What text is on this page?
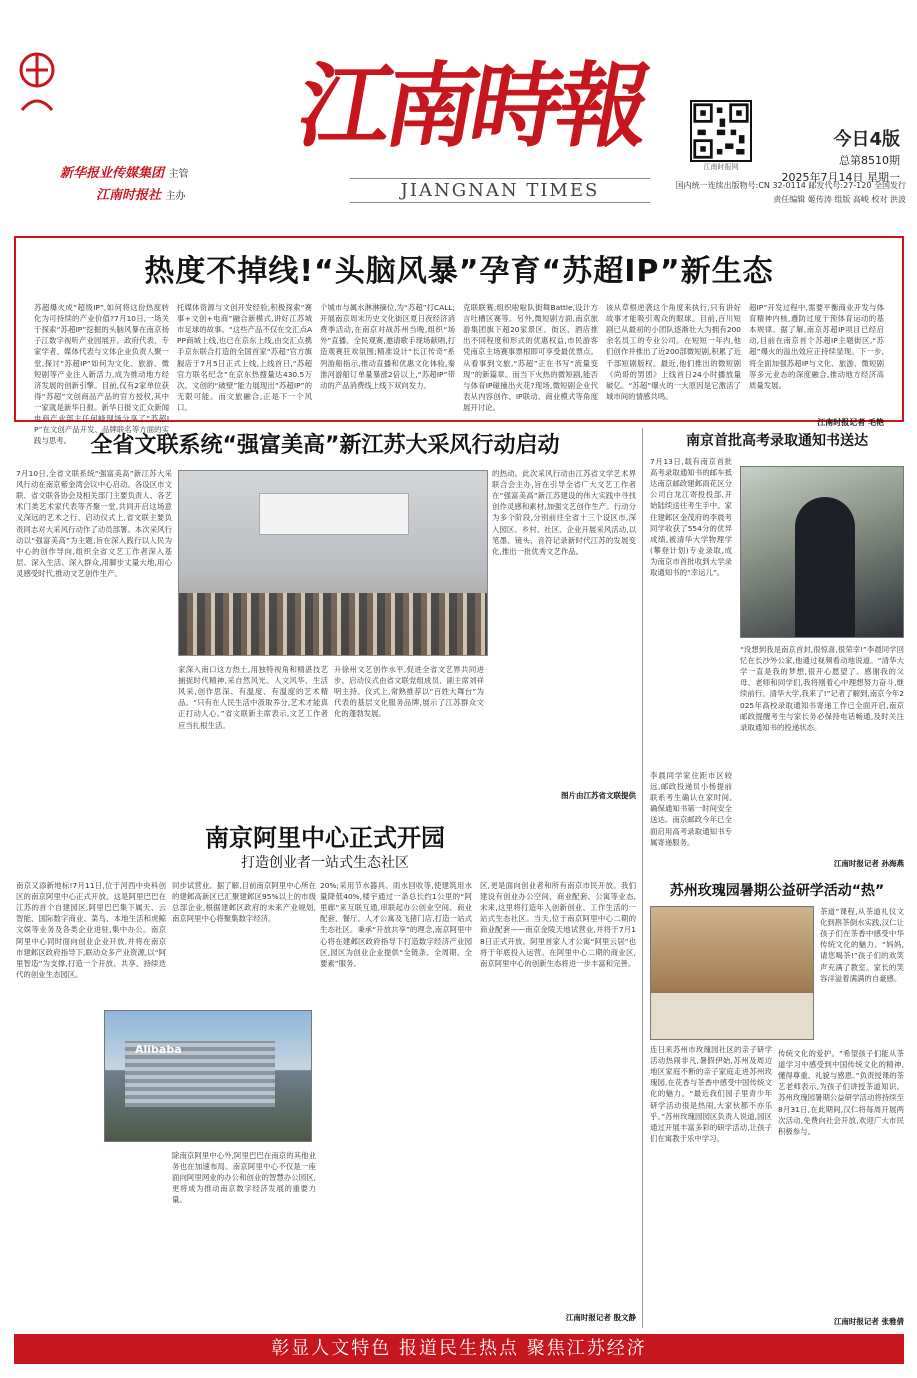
新华报业传媒集团 主管
江南时报社 主办
江南時報
JIANGNAN TIMES
江南时报网
今日4版
总第8510期
2025年7月14日 星期一
国内统一连续出版物号:CN 32-0114 邮发代号:27-120 全国发行
责任编辑 姬传涛 组版 高峻 校对 洪波
热度不掉线!“头脑风暴”孕育“苏超IP”新生态
苏超爆火成“超级IP”,如何将这份热度转化为可持续的产业价值?7月10日,一场关于探索“苏超IP”挖掘的头脑风暴在南京扬子江数字视听产业园展开。政府代表、专家学者、媒体代表与文体企业负责人聚一堂,探讨“苏超IP”如何为文化、旅游、微短剧等产业注入新活力,成为推动地方经济发展的创新引擎。目前,仅有2家单位获得“苏超”文创商品产品的官方授权,其中一家就是新华日报。新华日报文汇众新闻电商产业部主任何峰现场分享了“苏超IP”在文创产品开发、品牌联名等方面的实践与思考。
托媒体资源与文创开发经验,积极探索“赛事+文创+电商”融合新模式,讲好江苏城市足球的故事。“这些产品不仅在交汇点APP商城上线,也已在京东上线,由交汇点携手京东联合打造的全国首家“苏超”官方旗舰店于7月5日正式上线,上线首日,“苏超官方联名纪念”在京东热搜量达430.5万次。文创的“破壁”能力展现出“苏超IP”的无限可能。而文旅融合,正是下一个风口。
个城市与属水淋淋摘位,为“苏超”打CALL;开展南京周末历史文化街区夏日夜经济消费季活动,在南京对战苏州当晚,组织“场外”直播、全民观赛,邀请歌手现场献唱,打造观赛狂欢氛围;精准设计“长江传奇”系列游船指示,推动直播和优惠文化体验,秦淮河游船订单量暴涨2倍以上,“苏超IP”带动的产品消费线上线下双向发力。
克联联赛,组织啦啦队街舞Battle,设计方言吐槽区赛等。另外,微短剧方面,南京旅游集团旗下超20家景区、街区、酒店推出不同程度和形式的优惠权益,市民游客凭南京主场赛事票根即可享受最优票点。从看事到文旅,“苏超”正在书写“流量变现”的新篇章。而当下火热的微短剧,能否与体育IP碰撞出火花?现场,微短剧企业代表从内容创作、IP联动、商业模式等角度展开讨论。
该从草根逆袭这个角度来执行,只有讲好故事才能吸引观众的眼球。目前,百川短剧已从最初的小团队逐渐壮大为拥有200余名员工的专业公司。在短短一年内,他们创作并推出了近200部微短剧,积累了近千部短剧版权。最近,他们推出的微短剧《尚哥的男团》上线首日24小时播放量破亿。“苏超”爆火的一大原因是它激活了城市间的情感共鸣。
超IP”开发过程中,需要平衡商业开发与体育精神内核,遵防过度干预体育运动的基本规律。据了解,南京苏超IP项目已经启动,目前在南京首个苏超IP主题街区,“苏超”爆火的溢出效应正持续显现。下一步,将全面加强苏超IP与文化、旅游、微短剧等多元业态的深度融合,推动地方经济高质量发展。
江南时报记者 毛艳
全省文联系统“强富美高”新江苏大采风行动启动
7月10日,全省文联系统“强富美高”新江苏大采风行动在南京紫金湾会议中心启动。各设区市文联、省文联各协会及相关部门主要负责人、各艺术门类艺术家代表等齐聚一堂,共同开启这场意义深远的艺术之行。启动仪式上,省文联主要负责同志对大采风行动作了动员部署。本次采风行动以“强富美高”为主题,旨在深入践行以人民为中心的创作导向,组织全省文艺工作者深入基层、深入生活、深入群众,用脚步丈量大地,用心灵感受时代,推动文艺创作生产。
家深入南口这方热土,用独特视角和精湛技艺捕捉时代精神,采自然风光、人文风华、生活风采,创作思深、有温度、有温度的艺术精品。“只有在人民生活中汲取养分,艺术才能真正打动人心。”省文联新主席表示,文艺工作者应当扎根生活。
升徐州文艺创作水平,促进全省文艺界共同进步。启动仪式由省文联党组成员、副主席刘祥明主持。仪式上,常熟推荐以“百姓大舞台”为代表的基层文化服务品牌,展示了江苏群众文化的蓬勃发展。
的热动。此次采风行动由江苏省文学艺术界联合会主办,旨在引导全省广大文艺工作者在“强富美高”新江苏建设的伟大实践中寻找创作灵感和素材,加强文艺创作生产。行动分为多个阶段,分别前往全省十三个设区市,深入园区、乡村、社区、企业开展采风活动,以笔墨、镜头、音符记录新时代江苏的发展变化,推出一批优秀文艺作品。
图片由江苏省文联提供
南京阿里中心正式开园
打造创业者一站式生态社区
南京又添新地标!7月11日,位于河西中央科创区的南京阿里中心正式开放。这是阿里巴巴在江苏的首个自建园区,阿里巴巴集下属天、云智能、国际数字商业、菜鸟、本地生活和虎鲸文娱等业务及各类企业进驻,集中办公。南京阿里中心同时面向创业企业开放,并将在南京市建邺区政府指导下,联动众多产业资源,以“阿里智造”为支撑,打造一个开放、共享、持续迭代的创业生态园区。
同步试营业。据了解,目前南京阿里中心所在的建邺高新区已汇聚建邺区95%以上的市级总部企业,根据建邺区政府的未来产业规划,南京阿里中心将聚集数字经济。
Alibaba
除南京阿里中心外,阿里巴巴在南京的其他业务也在加速布局。南京阿里中心不仅是一座面向阿里网业的办公和创业的智慧办公园区,更将成为推动南京数字经济发展的重要力量。
20%;采用节水器具、雨水回收等,使建筑用水量降低40%,楼宇通过一条总长约1公里的“阿里廊”来互联互通,串联起办公创业空间、商业配套、餐厅、人才公寓及飞猪门店,打造一站式生态社区。秉承“开放共享”的理念,南京阿里中心将在建邺区政府指导下打造数字经济产业园区,园区为创业企业提供“全链条、全周期、全要素”服务。
区,更是面向创业者和所有南京市民开放。我们建设有创业办公空间、商业配套、公寓等业态,未来,这里将打造年人创新创业、工作生活的一站式生态社区。当天,位于南京阿里中心二期的商业配套——南京金陵天地试营业,并将于7月18日正式开放。阿里首家人才公寓“阿里云居”也将于年底投入运营。在阿里中心二期的商业区,南京阿里中心的创新生态将进一步丰富和完善。
江南时报记者 殷文静
南京首批高考录取通知书送达
7月13日,载有南京首批高考录取通知书的邮车抵达南京邮政建邺雨花区分公司白龙江寄投投部,开始陆续送往考生手中。家住建邺区金茂府的李晨考同学收获了554分的优异成绩,被清华大学物理学(攀登计划)专业录取,成为南京市首批收到大学录取通知书的“幸运儿”。
“没想到我是南京首封,很惊喜,很荣幸!”李晨同学回忆在长沙外公家,他通过视频看动地说道。“清华大学一直是我的梦想,很开心愿望了。感谢我的父母、老师和同学们,我将刚着心中理想努力奋斗,继续前行。清华大学,我来了!”记者了解到,南京今年2025年高校录取通知书寄递工作已全面开启,南京邮政提醒考生与家长务必保持电话畅通,及时关注录取通知书的投递状态。
李晨同学家住距市区较远,邮政投递员小杨提前联系考生确认在家时间,确保通知书第一时间安全送达。南京邮政今年已全面启用高考录取通知书专属寄递服务。
江南时报记者 孙海燕
苏州玫瑰园暑期公益研学活动“热”
茶道”课程,从茶道礼仪文化到斟茶倒水实践,汉仁让孩子们在茶香中感受中华传统文化的魅力。“妈妈,请您喝茶!”孩子们的欢笑声充满了教室。家长的笑容洋溢着满满的自豪感。
连日来苏州市玫瑰园社区的亲子研学活动热闹非凡,暑假伊始,苏州及周边地区家庭不断的亲子家庭走进苏州玫瑰园,在花香与茶香中感受中国传统文化的魅力。“最近我们园子里青少年研学活动很是热闹,大家伙都不亦乐乎。”苏州玫瑰园园区负责人说道,园区通过开展丰富多彩的研学活动,让孩子们在寓教于乐中学习。
传统文化的爱护。“希望孩子们能从茶道学习中感受到中国传统文化的精神,懂得尊重、礼貌与感恩。”负责授课的茶艺老师表示,为孩子们讲授茶道知识。苏州玫瑰园暑期公益研学活动将持续至8月31日,在此期间,汉仁将每周开展两次活动,免费向社会开放,欢迎广大市民积极参与。
江南时报记者 张雅倩
彰显人文特色 报道民生热点 聚焦江苏经济
